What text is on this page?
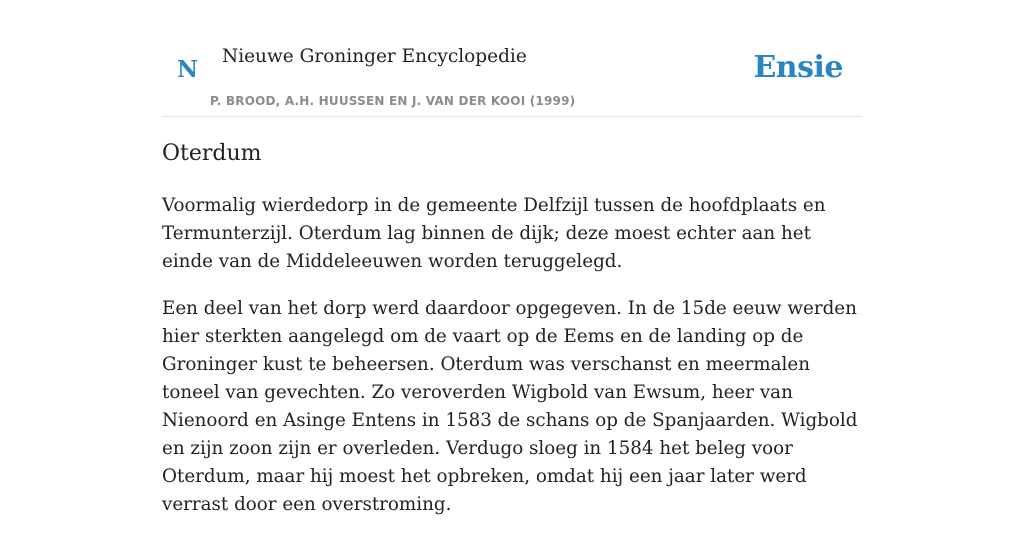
N Nieuwe Groninger Encyclopedie
P. BROOD, A.H. HUUSSEN EN J. VAN DER KOOI (1999)
Ensie
Oterdum

Voormalig wierdedorp in de gemeente Delfzijl tussen de hoofdplaats en Termunterzijl. Oterdum lag binnen de dijk; deze moest echter aan het einde van de Middeleeuwen worden teruggelegd.

Een deel van het dorp werd daardoor opgegeven. In de 15de eeuw werden hier sterkten aangelegd om de vaart op de Eems en de landing op de Groninger kust te beheersen. Oterdum was verschanst en meermalen toneel van gevechten. Zo veroverden Wigbold van Ewsum, heer van Nienoord en Asinge Entens in 1583 de schans op de Spanjaarden. Wigbold en zijn zoon zijn er overleden. Verdugo sloeg in 1584 het beleg voor Oterdum, maar hij moest het opbreken, omdat hij een jaar later werd verrast door een overstroming.
